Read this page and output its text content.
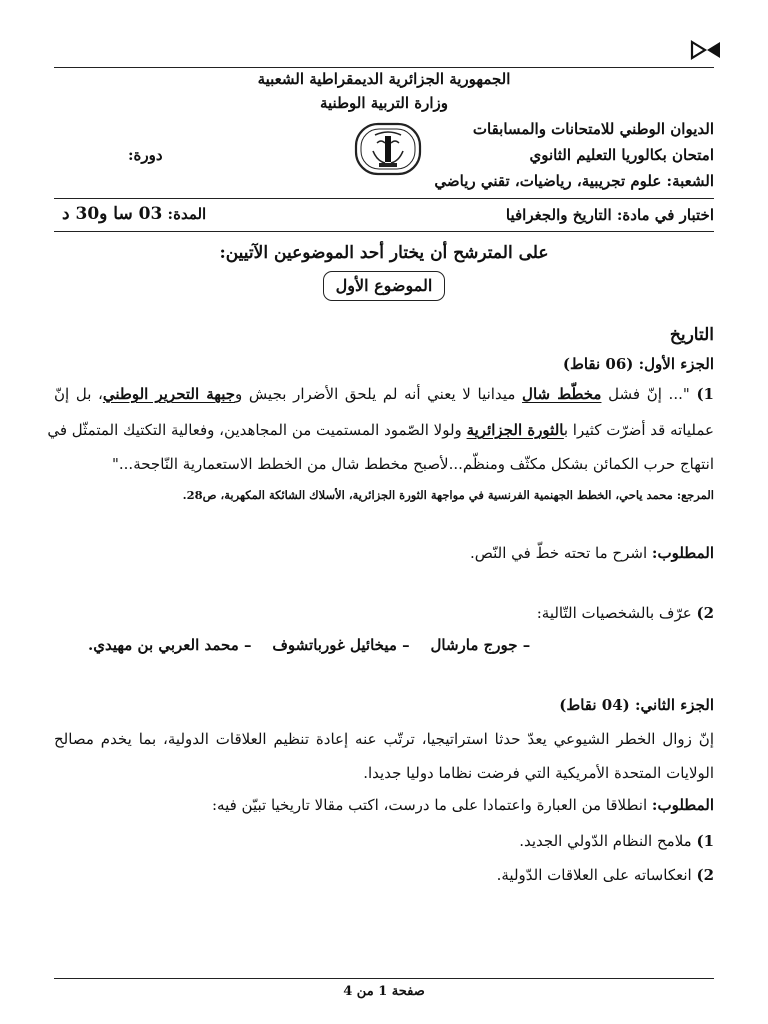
الجمهورية الجزائرية الديمقراطية الشعبية
وزارة التربية الوطنية
الديوان الوطني للامتحانات والمسابقات
امتحان بكالوريا التعليم الثانوي
الشعبة: علوم تجريبية، رياضيات، تقني رياضي
دورة:
اختبار في مادة: التاريخ والجغرافيا
المدة: 03 سا و30 د
على المترشح أن يختار أحد الموضوعين الآتيين:
الموضوع الأول
التاريخ
الجزء الأول: (06 نقاط)
1) "... إنّ فشل مخطّط شال ميدانيا لا يعني أنه لم يلحق الأضرار بجيش وجبهة التحرير الوطني، بل إنّ
عملياته قد أضرّت كثيرا بالثورة الجزائرية ولولا الصّمود المستميت من المجاهدين، وفعالية التكتيك المتمثّل في
انتهاج حرب الكمائن بشكل مكثّف ومنظّم...لأصبح مخطط شال من الخطط الاستعمارية النّاجحة..."
المرجع: محمد ياحي، الخطط الجهنمية الفرنسية في مواجهة الثورة الجزائرية، الأسلاك الشائكة المكهربة، ص28.
المطلوب: اشرح ما تحته خطّ في النّص.
2) عرّف بالشخصيات التّالية:
– جورج مارشال    – ميخائيل غورباتشوف    – محمد العربي بن مهيدي.
الجزء الثاني: (04 نقاط)
إنّ زوال الخطر الشيوعي يعدّ حدثا استراتيجيا، ترتّب عنه إعادة تنظيم العلاقات الدولية، بما يخدم مصالح
الولايات المتحدة الأمريكية التي فرضت نظاما دوليا جديدا.
المطلوب: انطلاقا من العبارة واعتمادا على ما درست، اكتب مقالا تاريخيا تبيّن فيه:
1) ملامح النظام الدّولي الجديد.
2) انعكاساته على العلاقات الدّولية.
صفحة 1 من 4
